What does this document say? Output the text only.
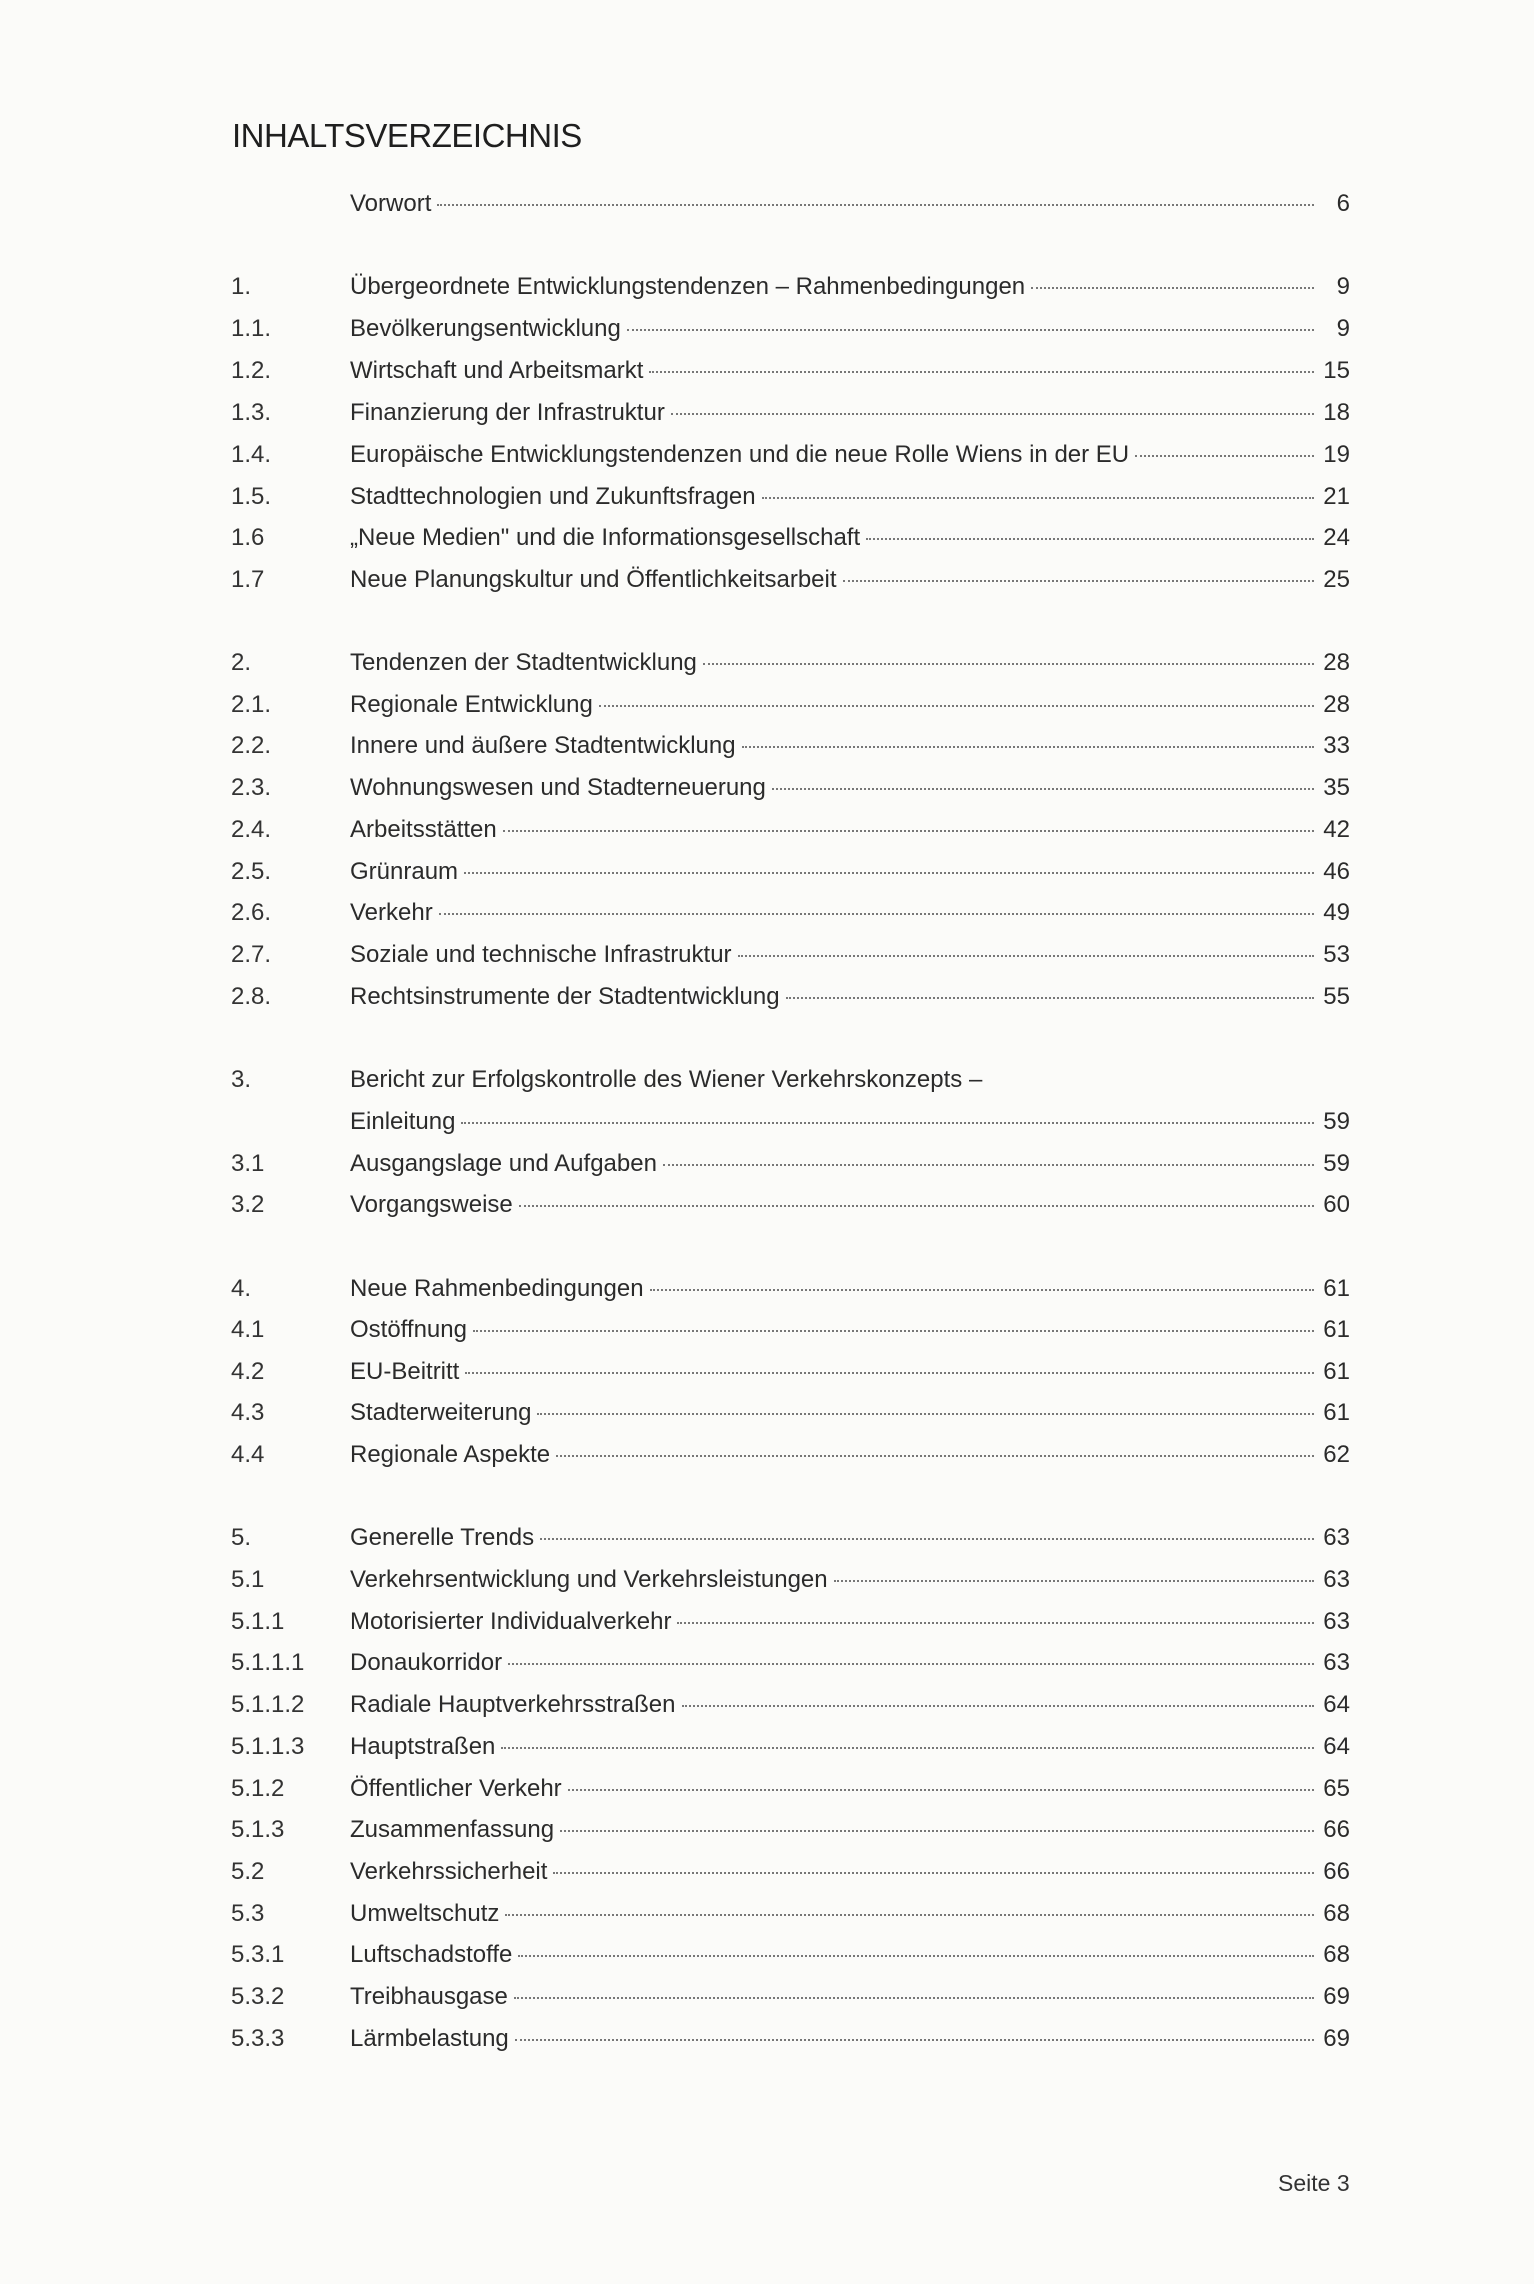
INHALTSVERZEICHNIS
Vorwort	6
1.	Übergeordnete Entwicklungstendenzen – Rahmenbedingungen	9
1.1.	Bevölkerungsentwicklung	9
1.2.	Wirtschaft und Arbeitsmarkt	15
1.3.	Finanzierung der Infrastruktur	18
1.4.	Europäische Entwicklungstendenzen und die neue Rolle Wiens in der EU	19
1.5.	Stadttechnologien und Zukunftsfragen	21
1.6	„Neue Medien" und die Informationsgesellschaft	24
1.7	Neue Planungskultur und Öffentlichkeitsarbeit	25
2.	Tendenzen der Stadtentwicklung	28
2.1.	Regionale Entwicklung	28
2.2.	Innere und äußere Stadtentwicklung	33
2.3.	Wohnungswesen und Stadterneuerung	35
2.4.	Arbeitsstätten	42
2.5.	Grünraum	46
2.6.	Verkehr	49
2.7.	Soziale und technische Infrastruktur	53
2.8.	Rechtsinstrumente der Stadtentwicklung	55
3.	Bericht zur Erfolgskontrolle des Wiener Verkehrskonzepts –
Einleitung	59
3.1	Ausgangslage und Aufgaben	59
3.2	Vorgangsweise	60
4.	Neue Rahmenbedingungen	61
4.1	Ostöffnung	61
4.2	EU-Beitritt	61
4.3	Stadterweiterung	61
4.4	Regionale Aspekte	62
5.	Generelle Trends	63
5.1	Verkehrsentwicklung und Verkehrsleistungen	63
5.1.1	Motorisierter Individualverkehr	63
5.1.1.1 Donaukorridor	63
5.1.1.2 Radiale Hauptverkehrsstraßen	64
5.1.1.3 Hauptstraßen	64
5.1.2	Öffentlicher Verkehr	65
5.1.3	Zusammenfassung	66
5.2	Verkehrssicherheit	66
5.3	Umweltschutz	68
5.3.1	Luftschadstoffe	68
5.3.2	Treibhausgase	69
5.3.3	Lärmbelastung	69
Seite 3
